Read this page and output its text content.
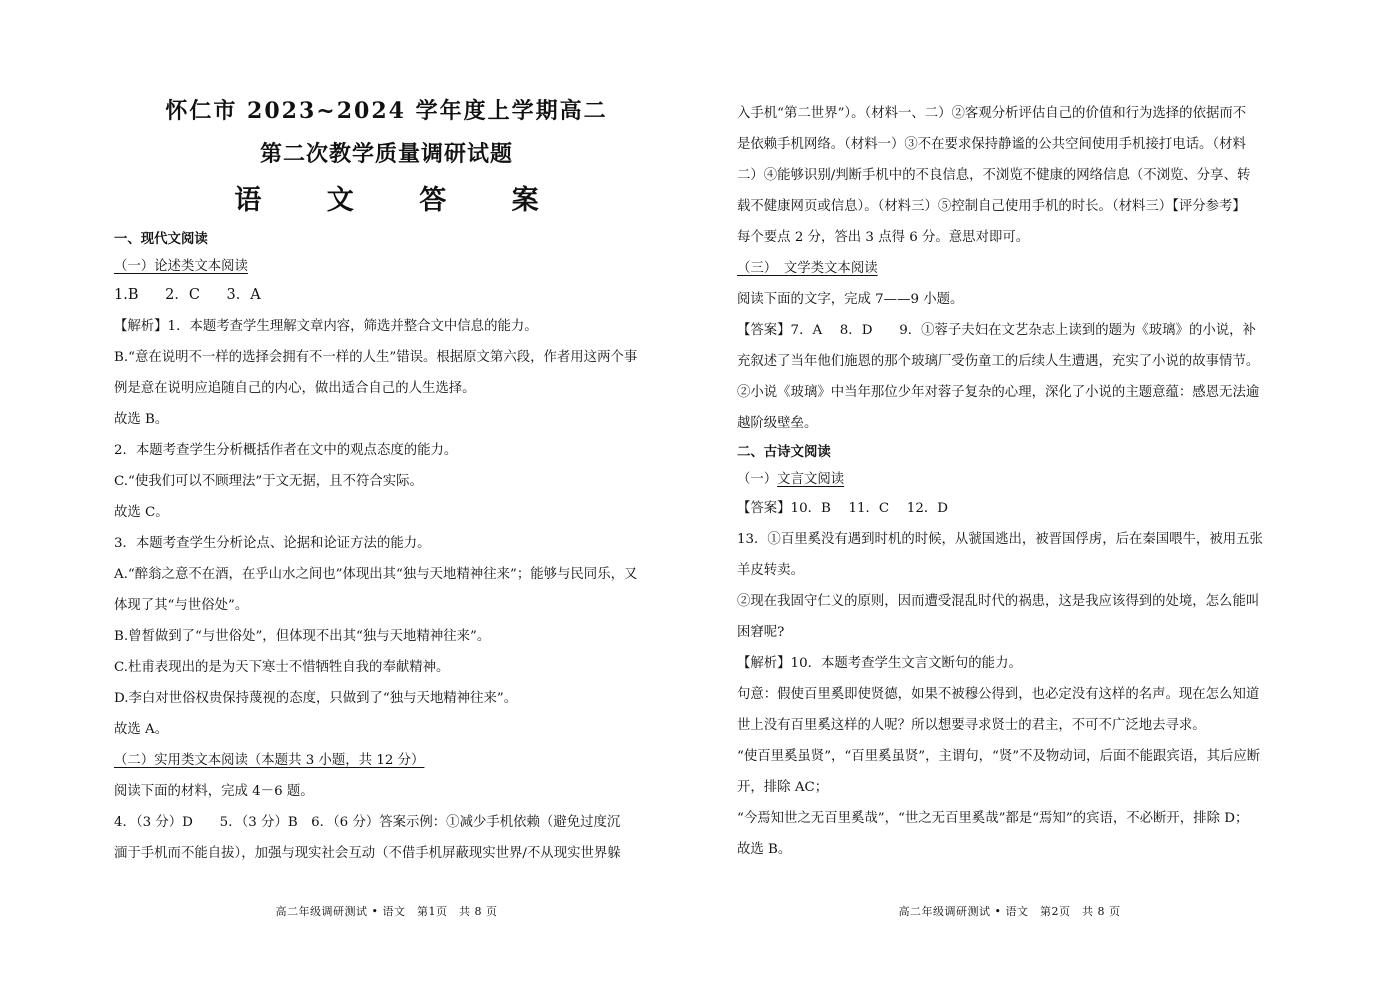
怀仁市 2023~2024 学年度上学期高二

第二次教学质量调研试题

语 文 答 案

一、现代文阅读
（一）论述类文本阅读
1.B 2．C 3．A
【解析】1．本题考查学生理解文章内容，筛选并整合文中信息的能力。
B.“意在说明不一样的选择会拥有不一样的人生”错误。根据原文第六段，作者用这两个事
例是意在说明应追随自己的内心，做出适合自己的人生选择。
故选 B。
2．本题考查学生分析概括作者在文中的观点态度的能力。
C.“使我们可以不顾理法”于文无据，且不符合实际。
故选 C。
3．本题考查学生分析论点、论据和论证方法的能力。
A.“醉翁之意不在酒，在乎山水之间也”体现出其“独与天地精神往来”；能够与民同乐，又
体现了其“与世俗处”。
B.曾皙做到了“与世俗处”，但体现不出其“独与天地精神往来”。
C.杜甫表现出的是为天下寒士不惜牺牲自我的奉献精神。
D.李白对世俗权贵保持蔑视的态度，只做到了“独与天地精神往来”。
故选 A。
（二）实用类文本阅读（本题共 3 小题，共 12 分）
阅读下面的材料，完成 4－6 题。
4．（3 分）D　　5．（3 分）B　6．（6 分）答案示例：①减少手机依赖（避免过度沉
湎于手机而不能自拔），加强与现实社会互动（不借手机屏蔽现实世界/不从现实世界躲
高二年级调研测试 • 语文　第1页　共 8 页
入手机“第二世界”）。（材料一、二）②客观分析评估自己的价值和行为选择的依据而不
是依赖手机网络。（材料一）③不在要求保持静谧的公共空间使用手机接打电话。（材料
二）④能够识别/判断手机中的不良信息，不浏览不健康的网络信息（不浏览、分享、转
载不健康网页或信息）。（材料三）⑤控制自己使用手机的时长。（材料三）【评分参考】
每个要点 2 分，答出 3 点得 6 分。意思对即可。
（三）　文学类文本阅读
阅读下面的文字，完成 7——9 小题。
【答案】7．A　 8．D　　9．①蓉子夫妇在文艺杂志上读到的题为《玻璃》的小说，补
充叙述了当年他们施恩的那个玻璃厂受伤童工的后续人生遭遇，充实了小说的故事情节。
②小说《玻璃》中当年那位少年对蓉子复杂的心理，深化了小说的主题意蕴：感恩无法逾
越阶级壁垒。
二、古诗文阅读
（一）文言文阅读
【答案】10．B　 11．C　 12．D
13．①百里奚没有遇到时机的时候，从虢国逃出，被晋国俘虏，后在秦国喂牛，被用五张
羊皮转卖。
②现在我固守仁义的原则，因而遭受混乱时代的祸患，这是我应该得到的处境，怎么能叫
困窘呢?
【解析】10．本题考查学生文言文断句的能力。
句意：假使百里奚即使贤德，如果不被穆公得到，也必定没有这样的名声。现在怎么知道
世上没有百里奚这样的人呢？所以想要寻求贤士的君主，不可不广泛地去寻求。
“使百里奚虽贤”，“百里奚虽贤”，主谓句，“贤”不及物动词，后面不能跟宾语，其后应断
开，排除 AC；
“今焉知世之无百里奚哉”，“世之无百里奚哉”都是“焉知”的宾语，不必断开，排除 D；
故选 B。
高二年级调研测试 • 语文　第2页　共 8 页
